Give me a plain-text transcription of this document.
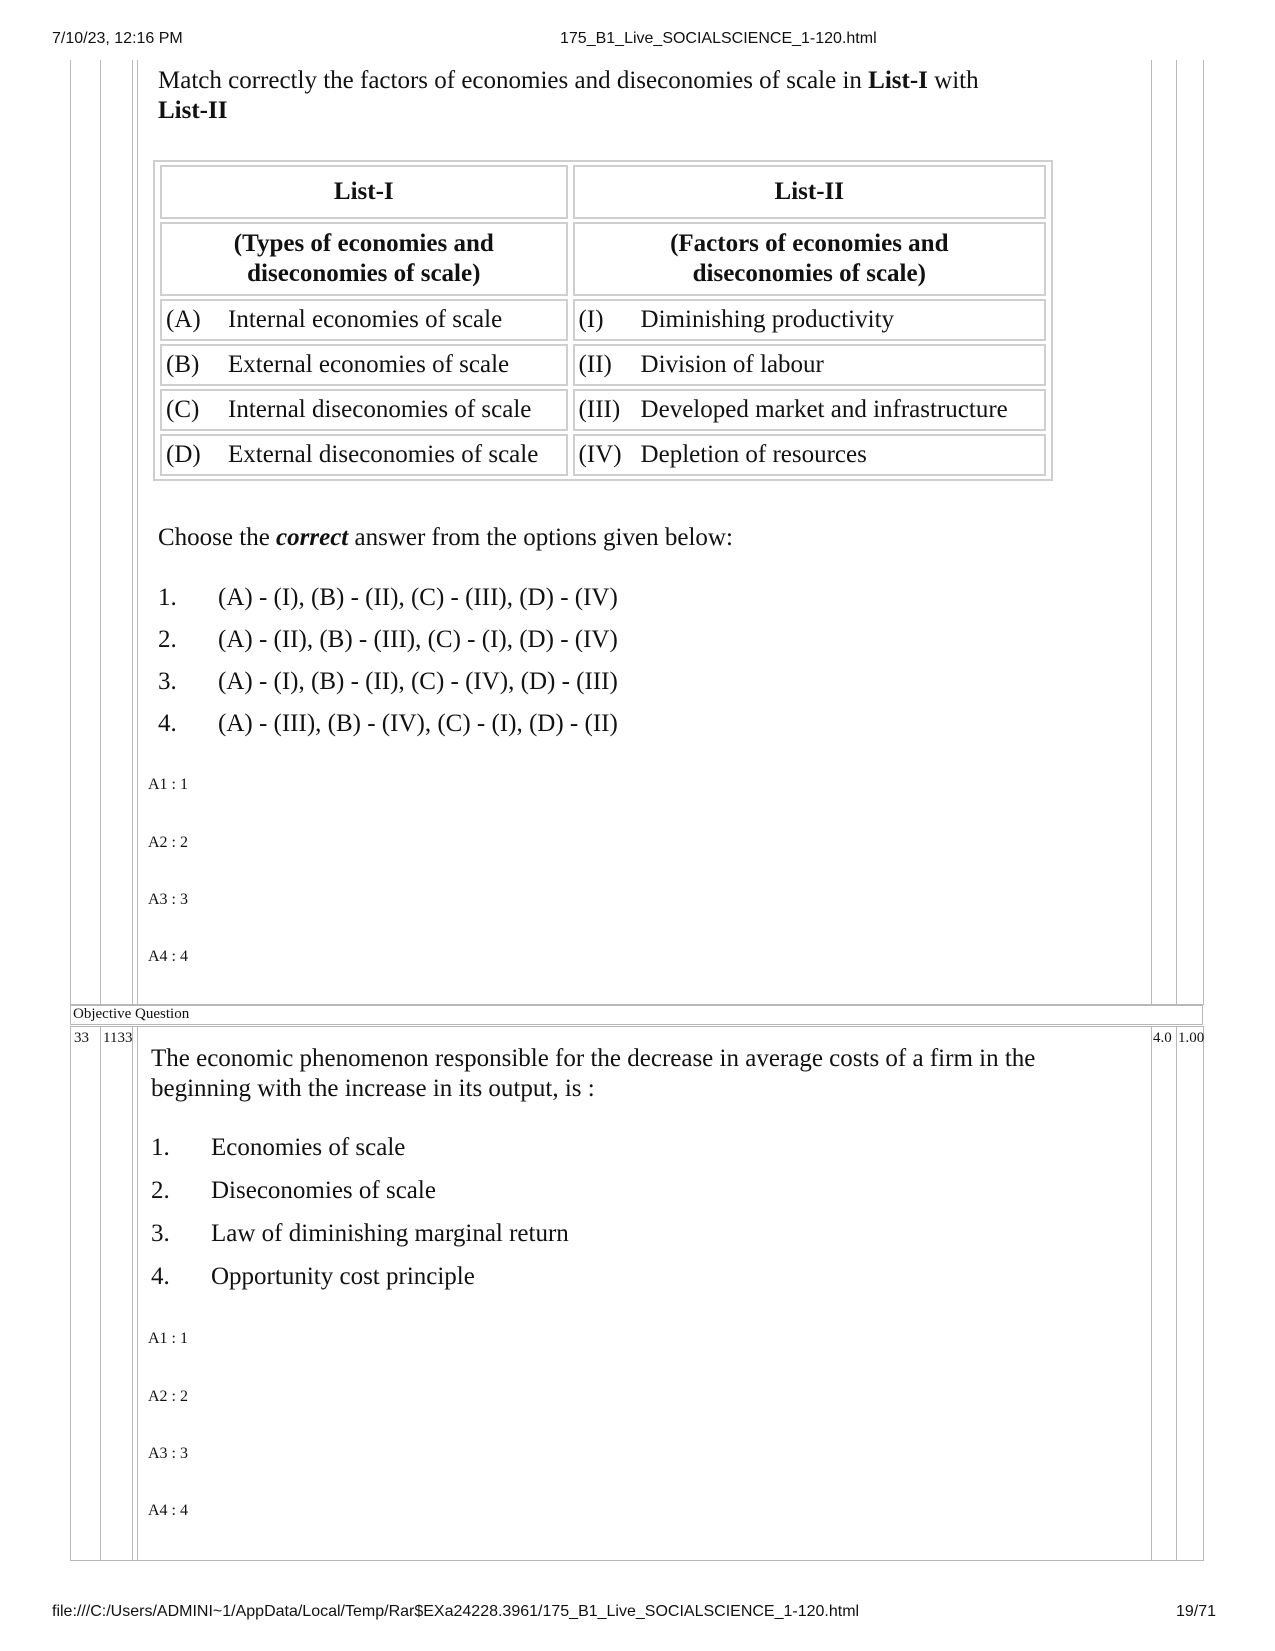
7/10/23, 12:16 PM	175_B1_Live_SOCIALSCIENCE_1-120.html
file:///C:/Users/ADMINI~1/AppData/Local/Temp/Rar$EXa24228.3961/175_B1_Live_SOCIALSCIENCE_1-120.html	19/71
Match correctly the factors of economies and diseconomies of scale in List-I with
List-II
List-I	List-II
(Types of economies and diseconomies of scale)	(Factors of economies and diseconomies of scale)
(A) Internal economies of scale	(I) Diminishing productivity
(B) External economies of scale	(II) Division of labour
(C) Internal diseconomies of scale	(III) Developed market and infrastructure
(D) External diseconomies of scale	(IV) Depletion of resources
Choose the correct answer from the options given below:
1. (A) - (I), (B) - (II), (C) - (III), (D) - (IV)
2. (A) - (II), (B) - (III), (C) - (I), (D) - (IV)
3. (A) - (I), (B) - (II), (C) - (IV), (D) - (III)
4. (A) - (III), (B) - (IV), (C) - (I), (D) - (II)
A1 : 1
A2 : 2
A3 : 3
A4 : 4
Objective Question
33 1133	4.0 1.00
The economic phenomenon responsible for the decrease in average costs of a firm in the
beginning with the increase in its output, is :
1. Economies of scale
2. Diseconomies of scale
3. Law of diminishing marginal return
4. Opportunity cost principle
A1 : 1
A2 : 2
A3 : 3
A4 : 4
